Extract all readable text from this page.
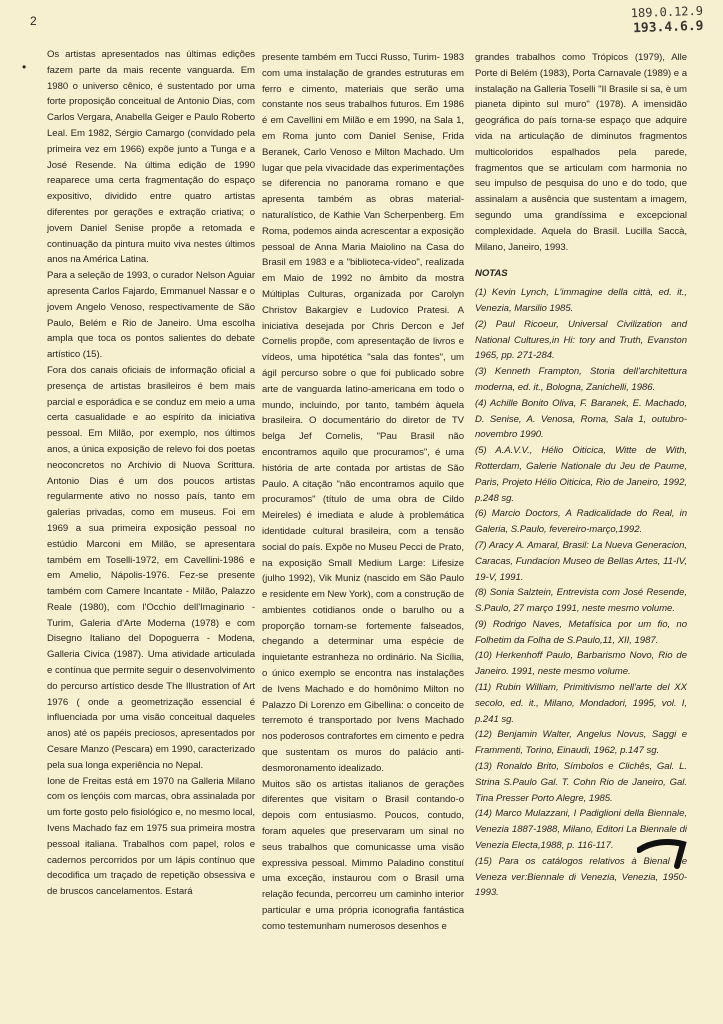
2
•
189.0.12.9
193.4.6.9

Os artistas apresentados nas últimas edições fazem parte da mais recente vanguarda. Em 1980 o universo cênico, é sustentado por uma forte proposição conceitual de Antonio Dias, com Carlos Vergara, Anabella Geiger e Paulo Roberto Leal. Em 1982, Sérgio Camargo (convidado pela primeira vez em 1966) expõe junto a Tunga e a José Resende. Na última edição de 1990 reaparece uma certa fragmentação do espaço expositivo, dividido entre quatro artistas diferentes por gerações e extração criativa; o jovem Daniel Senise propõe a retomada e continuação da pintura muito viva nestes últimos anos na América Latina.

Para a seleção de 1993, o curador Nelson Aguiar apresenta Carlos Fajardo, Emmanuel Nassar e o jovem Angelo Venoso, respectivamente de São Paulo, Belém e Rio de Janeiro. Uma escolha ampla que toca os pontos salientes do debate artístico (15).

Fora dos canais oficiais de informação oficial a presença de artistas brasileiros é bem mais parcial e esporádica e se conduz em meio a uma certa casualidade e ao espírito da iniciativa pessoal. Em Milão, por exemplo, nos últimos anos, a única exposição de relevo foi dos poetas neoconcretos no Archivio di Nuova Scrittura. Antonio Dias é um dos poucos artistas regularmente ativo no nosso país, tanto em galerias privadas, como em museus. Foi em 1969 a sua primeira exposição pessoal no estúdio Marconi em Milão, se apresentara também em Toselli-1972, em Cavellini-1986 e em Amelio, Nápolis-1976. Fez-se presente também com Camere Incantate - Milão, Palazzo Reale (1980), com l'Occhio dell'Imaginario - Turim, Galeria d'Arte Moderna (1978) e com Disegno Italiano del Dopoguerra - Modena, Galleria Civica (1987). Uma atividade articulada e contínua que permite seguir o desenvolvimento do percurso artístico desde The Illustration of Art 1976 ( onde a geometrização essencial é influenciada por uma visão conceitual daqueles anos) até os papéis preciosos, apresentados por Cesare Manzo (Pescara) em 1990, caracterizado pela sua longa experiência no Nepal.

Ione de Freitas está em 1970 na Galleria Milano com os lençóis com marcas, obra assinalada por um forte gosto pelo fisiológico e, no mesmo local, Ivens Machado faz em 1975 sua primeira mostra pessoal italiana. Trabalhos com papel, rolos e cadernos percorridos por um lápis contínuo que decodifica um traçado de repetição obsessiva e de bruscos cancelamentos. Estará

presente também em Tucci Russo, Turim- 1983 com uma instalação de grandes estruturas em ferro e cimento, materiais que serão uma constante nos seus trabalhos futuros. Em 1986 é em Cavellini em Milão e em 1990, na Sala 1, em Roma junto com Daniel Senise, Frida Beranek, Carlo Venoso e Milton Machado. Um lugar que pela vivacidade das experimentações se diferencia no panorama romano e que apresenta também as obras material-naturalístico, de Kathie Van Scherpenberg. Em Roma, podemos ainda acrescentar a exposição pessoal de Anna Maria Maiolino na Casa do Brasil em 1983 e a "biblioteca-vídeo", realizada em Maio de 1992 no âmbito da mostra Múltiplas Culturas, organizada por Carolyn Christov Bakargiev e Ludovico Pratesi. A iniciativa desejada por Chris Dercon e Jef Cornelis propõe, com apresentação de livros e vídeos, uma hipotética "sala das fontes", um ágil percurso sobre o que foi publicado sobre arte de vanguarda latino-americana em todo o mundo, incluindo, por tanto, também àquela brasileira. O documentário do diretor de TV belga Jef Cornelis, "Pau Brasil não encontramos aquilo que procuramos", é uma história de arte contada por artistas de São Paulo. A citação "não encontramos aquilo que procuramos" (título de uma obra de Cildo Meireles) é imediata e alude à problemática identidade cultural brasileira, com a tensão social do país. Expõe no Museu Pecci de Prato, na exposição Small Medium Large: Lifesize (julho 1992), Vik Muniz (nascido em São Paulo e residente em New York), com a construção de ambientes cotidianos onde o barulho ou a proporção tornam-se fortemente falseados, chegando a determinar uma espécie de inquietante estranheza no ordinário. Na Sicília, o único exemplo se encontra nas instalações de Ivens Machado e do homônimo Milton no Palazzo Di Lorenzo em Gibellina: o conceito de terremoto é transportado por Ivens Machado nos poderosos contrafortes em cimento e pedra que sustentam os muros do palácio anti-desmoronamento idealizado.

Muitos são os artistas italianos de gerações diferentes que visitam o Brasil contando-o depois com entusiasmo. Poucos, contudo, foram aqueles que preservaram um sinal no seus trabalhos que comunicasse uma visão expressiva pessoal. Mimmo Paladino constituí uma exceção, instaurou com o Brasil uma relação fecunda, percorreu um caminho interior particular e uma própria iconografia fantástica como testemunham numerosos desenhos e

grandes trabalhos como Trópicos (1979), Alle Porte di Belém (1983), Porta Carnavale (1989) e a instalação na Galleria Toselli "Il Brasile si sa, è um pianeta dipinto sul muro" (1978). A imensidão geográfica do país torna-se espaço que adquire vida na articulação de diminutos fragmentos multicoloridos espalhados pela parede, fragmentos que se articulam com harmonia no seu impulso de pesquisa do uno e do todo, que assinalam a ausência que sustentam a imagem, segundo uma grandíssima e excepcional complexidade. Aquela do Brasil. Lucilla Saccà, Milano, Janeiro, 1993.

NOTAS

(1) Kevin Lynch, L'immagine della città, ed. it., Venezia, Marsilio 1985.

(2) Paul Ricoeur, Universal Civilization and National Cultures,in Hi: tory and Truth, Evanston 1965, pp. 271-284.

(3) Kenneth Frampton, Storia dell'architettura moderna, ed. it., Bologna, Zanichelli, 1986.

(4) Achille Bonito Oliva, F. Baranek, E. Machado, D. Senise, A. Venosa, Roma, Sala 1, outubro-novembro 1990.

(5) A.A.V.V., Hélio Oiticica, Witte de With, Rotterdam, Galerie Nationale du Jeu de Paume, Paris, Projeto Hélio Oiticica, Rio de Janeiro, 1992, p.248 sg.

(6) Marcio Doctors, A Radicalidade do Real, in Galeria, S.Paulo, fevereiro-março,1992.

(7) Aracy A. Amaral, Brasil: La Nueva Generacion, Caracas, Fundacion Museo de Bellas Artes, 11-IV, 19-V, 1991.

(8) Sonia Salztein, Entrevista com José Resende, S.Paulo, 27 março 1991, neste mesmo volume.

(9) Rodrigo Naves, Metafísica por um fio, no Folhetim da Folha de S.Paulo,11, XII, 1987.

(10) Herkenhoff Paulo, Barbarismo Novo, Rio de Janeiro. 1991, neste mesmo volume.

(11) Rubin William, Primitivismo nell'arte del XX secolo, ed. it., Milano, Mondadori, 1995, vol. I, p.241 sg.

(12) Benjamin Walter, Angelus Novus, Saggi e Frammenti, Torino, Einaudi, 1962, p.147 sg.

(13) Ronaldo Brito, Símbolos e Clichês, Gal. L. Strina S.Paulo Gal. T. Cohn Rio de Janeiro, Gal. Tina Presser Porto Alegre, 1985.

(14) Marco Mulazzani, I Padiglioni della Biennale, Venezia 1887-1988, Milano, Editori La Biennale di Venezia Electa,1988, p. 116-117.

(15) Para os catálogos relativos à Bienal de Veneza ver:Biennale di Venezia, Venezia, 1950-1993.
